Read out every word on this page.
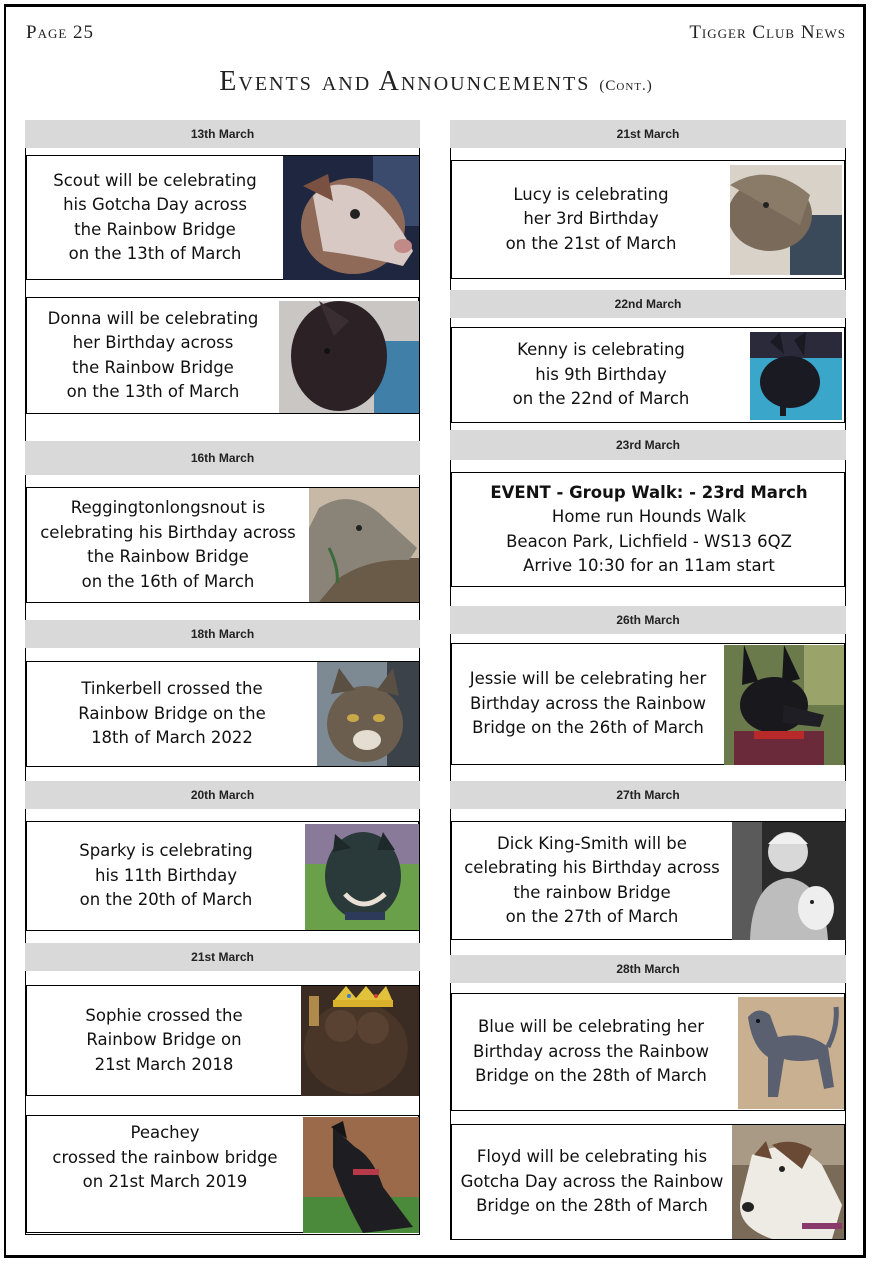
Page 25	Tigger Club News
Events and Announcements (Cont.)
13th March
Scout will be celebrating
his Gotcha Day across
the Rainbow Bridge
on the 13th of March
Donna will be celebrating
her Birthday across
the Rainbow Bridge
on the 13th of March
16th March
Reggingtonlongsnout is
celebrating his Birthday across
the Rainbow Bridge
on the 16th of March
18th March
Tinkerbell crossed the
Rainbow Bridge on the
18th of March 2022
20th March
Sparky is celebrating
his 11th Birthday
on the 20th of March
21st March
Sophie crossed the
Rainbow Bridge on
21st March 2018
Peachey
crossed the rainbow bridge
on 21st March 2019
21st March
Lucy is celebrating
her 3rd Birthday
on the 21st of March
22nd March
Kenny is celebrating
his 9th Birthday
on the 22nd of March
23rd March
EVENT - Group Walk: - 23rd March
Home run Hounds Walk
Beacon Park, Lichfield - WS13 6QZ
Arrive 10:30 for an 11am start
26th March
Jessie will be celebrating her
Birthday across the Rainbow
Bridge on the 26th of March
27th March
Dick King-Smith will be
celebrating his Birthday across
the rainbow Bridge
on the 27th of March
28th March
Blue will be celebrating her
Birthday across the Rainbow
Bridge on the 28th of March
Floyd will be celebrating his
Gotcha Day across the Rainbow
Bridge on the 28th of March
